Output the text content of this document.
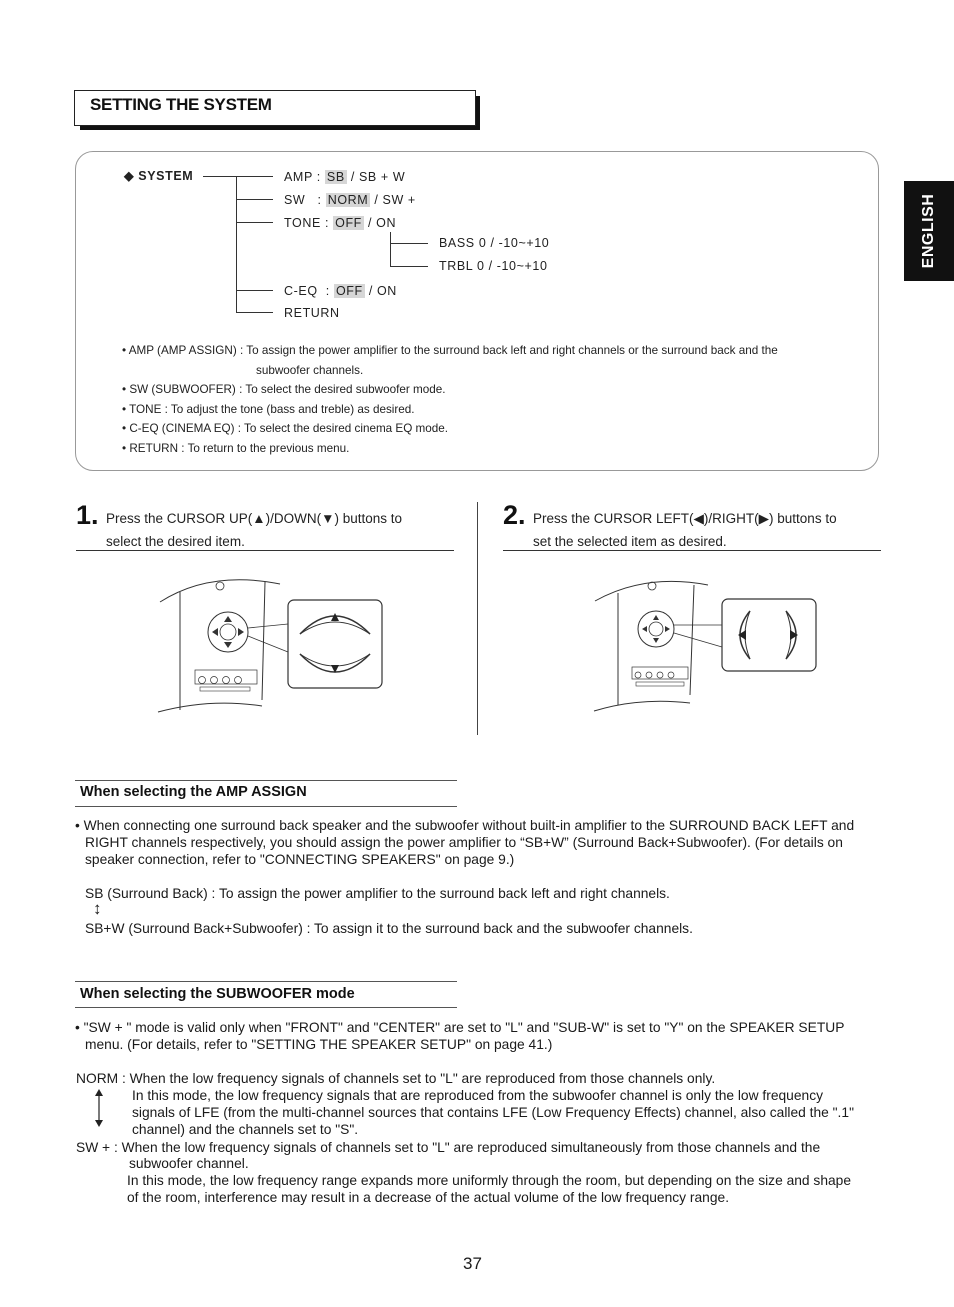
SETTING THE SYSTEM
ENGLISH
◆ SYSTEM	AMP : SB / SB + W
SW   : NORM / SW +
TONE : OFF / ON
BASS 0 / -10~+10
TRBL 0 / -10~+10
C-EQ  : OFF / ON
RETURN
• AMP (AMP ASSIGN) : To assign the power amplifier to the surround back left and right channels or the surround back and the
subwoofer channels.
• SW (SUBWOOFER) : To select the desired subwoofer mode.
• TONE : To adjust the tone (bass and treble) as desired.
• C-EQ (CINEMA EQ) : To select the desired cinema EQ mode.
• RETURN : To return to the previous menu.
1. Press the CURSOR UP(▲)/DOWN(▼) buttons to
select the desired item.
2. Press the CURSOR LEFT(◀)/RIGHT(▶) buttons to
set the selected item as desired.
When selecting the AMP ASSIGN
• When connecting one surround back speaker and the subwoofer without built-in amplifier to the SURROUND BACK LEFT and
RIGHT channels respectively, you should assign the power amplifier to “SB+W” (Surround Back+Subwoofer). (For details on
speaker connection, refer to "CONNECTING SPEAKERS" on page 9.)
SB (Surround Back) : To assign the power amplifier to the surround back left and right channels.
↕
SB+W (Surround Back+Subwoofer) : To assign it to the surround back and the subwoofer channels.
When selecting the SUBWOOFER mode
• "SW + " mode is valid only when "FRONT" and "CENTER" are set to "L" and "SUB-W" is set to "Y" on the SPEAKER SETUP
menu. (For details, refer to "SETTING THE SPEAKER SETUP" on page 41.)
NORM : When the low frequency signals of channels set to "L" are reproduced from those channels only.
In this mode, the low frequency signals that are reproduced from the subwoofer channel is only the low frequency
signals of LFE (from the multi-channel sources that contains LFE (Low Frequency Effects) channel, also called the ".1"
channel) and the channels set to "S".
SW + : When the low frequency signals of channels set to "L" are reproduced simultaneously from those channels and the
subwoofer channel.
In this mode, the low frequency range expands more uniformly through the room, but depending on the size and shape
of the room, interference may result in a decrease of the actual volume of the low frequency range.
37
